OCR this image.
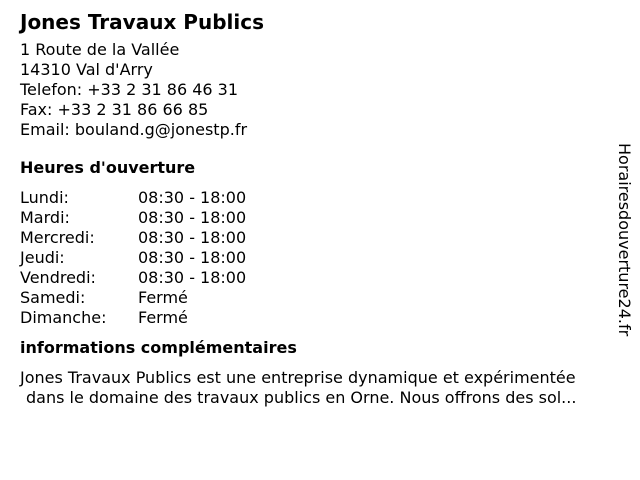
Jones Travaux Publics
1 Route de la Vallée
14310 Val d'Arry
Telefon: +33 2 31 86 46 31
Fax: +33 2 31 86 66 85
Email: bouland.g@jonestp.fr
Heures d'ouverture
Lundi:	08:30 - 18:00
Mardi:	08:30 - 18:00
Mercredi:	08:30 - 18:00
Jeudi:	08:30 - 18:00
Vendredi:	08:30 - 18:00
Samedi:	Fermé
Dimanche:	Fermé
informations complémentaires
Jones Travaux Publics est une entreprise dynamique et expérimentée
dans le domaine des travaux publics en Orne. Nous offrons des sol...
Horairesdouverture24.fr
